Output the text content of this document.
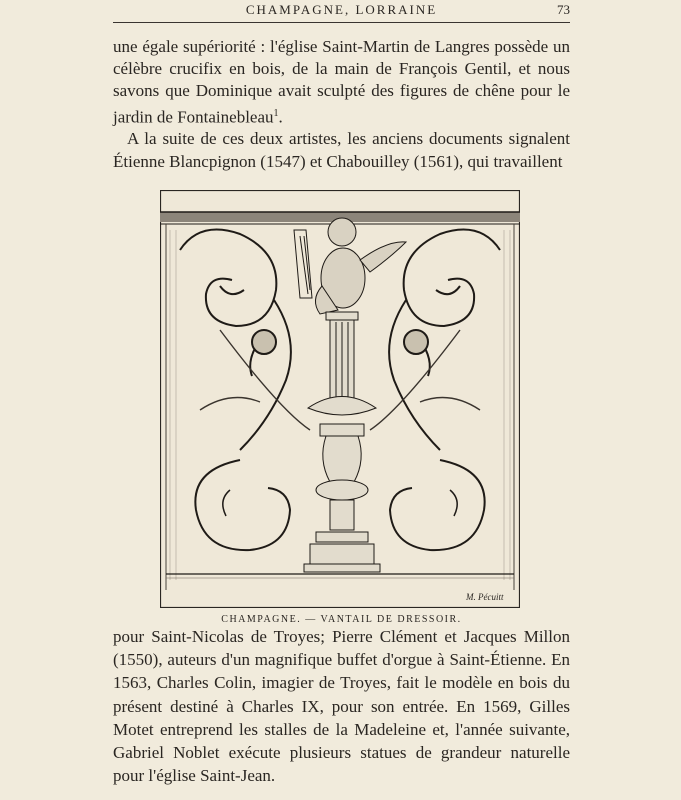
CHAMPAGNE, LORRAINE	73

une égale supériorité : l'église Saint-Martin de Langres possède un célèbre crucifix en bois, de la main de François Gentil, et nous savons que Dominique avait sculpté des figures de chêne pour le jardin de Fontainebleau$^1$.
A la suite de ces deux artistes, les anciens documents signalent Étienne Blancpignon (1547) et Chabouilley (1561), qui travaillent

M. Pécuitt
CHAMPAGNE. — VANTAIL DE DRESSOIR.

pour Saint-Nicolas de Troyes; Pierre Clément et Jacques Millon (1550), auteurs d'un magnifique buffet d'orgue à Saint-Étienne. En 1563, Charles Colin, imagier de Troyes, fait le modèle en bois du présent destiné à Charles IX, pour son entrée. En 1569, Gilles Motet entreprend les stalles de la Madeleine et, l'année suivante, Gabriel Noblet exécute plusieurs statues de grandeur naturelle pour l'église Saint-Jean.
